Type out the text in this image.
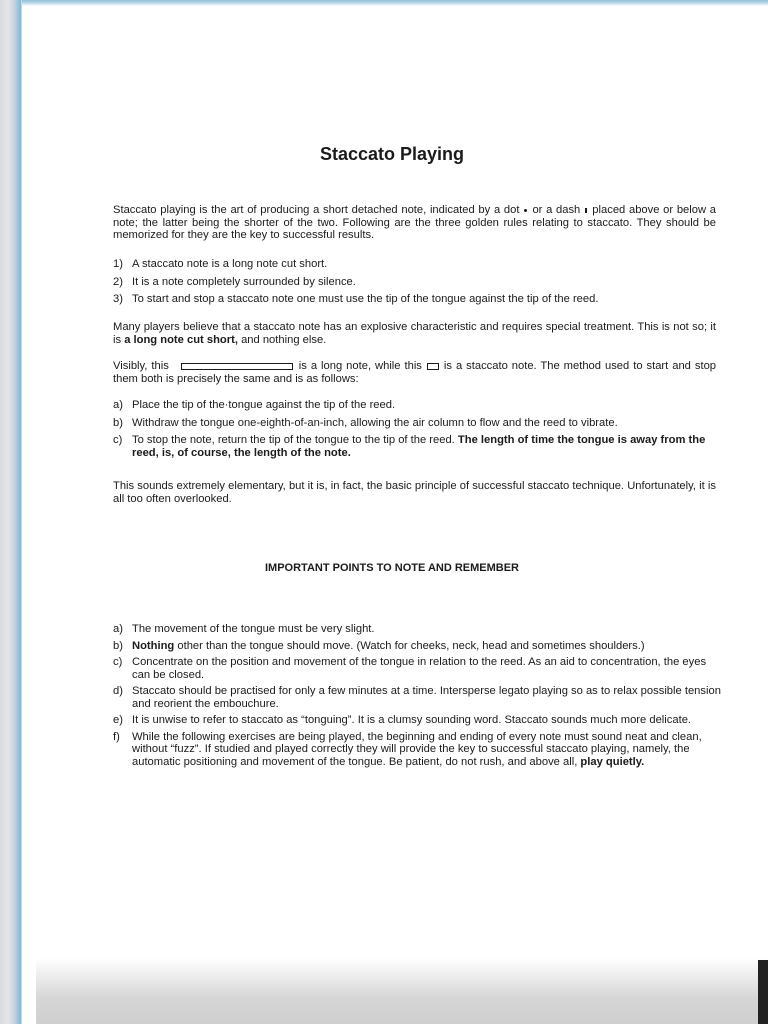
Staccato Playing
Staccato playing is the art of producing a short detached note, indicated by a dot or a dash placed above or below a note; the latter being the shorter of the two. Following are the three golden rules relating to staccato. They should be memorized for they are the key to successful results.
1) A staccato note is a long note cut short.
2) It is a note completely surrounded by silence.
3) To start and stop a staccato note one must use the tip of the tongue against the tip of the reed.
Many players believe that a staccato note has an explosive characteristic and requires special treatment. This is not so; it is a long note cut short, and nothing else.
Visibly, this	is a long note, while this is a staccato note. The method used to start and stop them both is precisely the same and is as follows:
a) Place the tip of the·tongue against the tip of the reed.
b) Withdraw the tongue one-eighth-of-an-inch, allowing the air column to flow and the reed to vibrate.
c) To stop the note, return the tip of the tongue to the tip of the reed. The length of time the tongue is away from the reed, is, of course, the length of the note.
This sounds extremely elementary, but it is, in fact, the basic principle of successful staccato technique. Unfortunately, it is all too often overlooked.
IMPORTANT POINTS TO NOTE AND REMEMBER
a) The movement of the tongue must be very slight.
b) Nothing other than the tongue should move. (Watch for cheeks, neck, head and sometimes shoulders.)
c) Concentrate on the position and movement of the tongue in relation to the reed. As an aid to concentration, the eyes can be closed.
d) Staccato should be practised for only a few minutes at a time. Intersperse legato playing so as to relax possible tension and reorient the embouchure.
e) It is unwise to refer to staccato as “tonguing”. It is a clumsy sounding word. Staccato sounds much more delicate.
f) While the following exercises are being played, the beginning and ending of every note must sound neat and clean, without “fuzz”. If studied and played correctly they will provide the key to successful staccato playing, namely, the automatic positioning and movement of the tongue. Be patient, do not rush, and above all, play quietly.
